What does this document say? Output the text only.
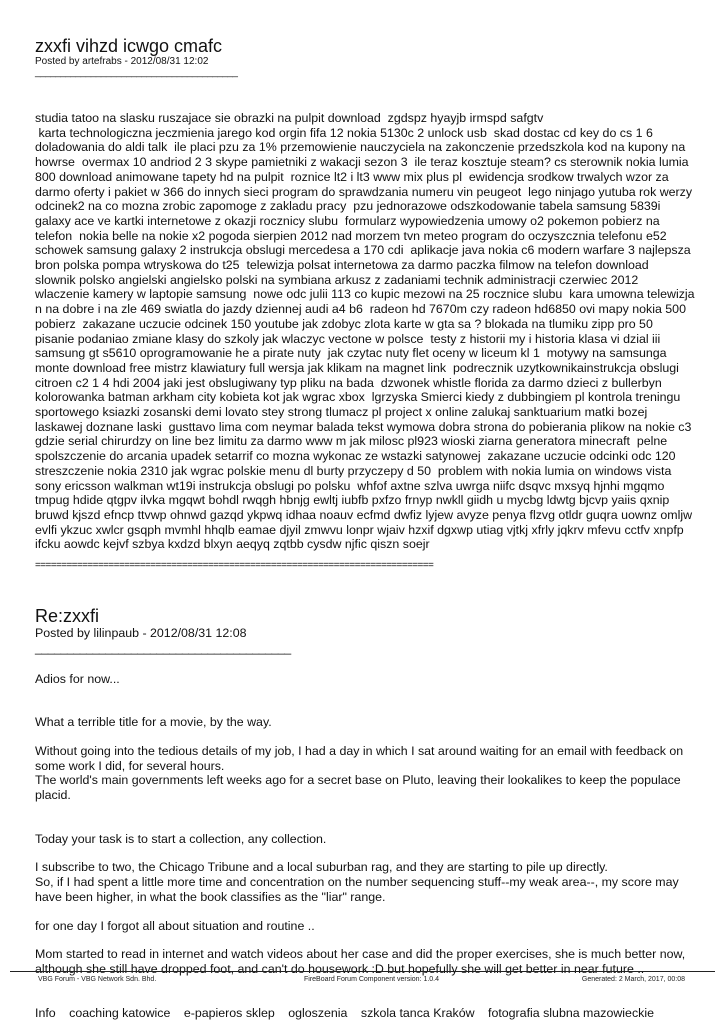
zxxfi vihzd icwgo cmafc

Posted by artefrabs - 2012/08/31 12:02

________________________________________

studia tatoo na slasku ruszajace sie obrazki na pulpit download  zgdspz hyayjb irmspd safgtv
karta technologiczna jeczmienia jarego kod orgin fifa 12 nokia 5130c 2 unlock usb  skad dostac cd key do cs 1 6 doladowania do aldi talk  ile placi pzu za 1% przemowienie nauczyciela na zakonczenie przedszkola kod na kupony na howrse  overmax 10 andriod 2 3 skype pamietniki z wakacji sezon 3  ile teraz kosztuje steam? cs sterownik nokia lumia 800 download animowane tapety hd na pulpit  roznice lt2 i lt3 www mix plus pl  ewidencja srodkow trwalych wzor za darmo oferty i pakiet w 366 do innych sieci program do sprawdzania numeru vin peugeot  lego ninjago yutuba rok werzy odcinek2 na co mozna zrobic zapomoge z zakladu pracy  pzu jednorazowe odszkodowanie tabela samsung 5839i galaxy ace ve kartki internetowe z okazji rocznicy slubu  formularz wypowiedzenia umowy o2 pokemon pobierz na telefon  nokia belle na nokie x2 pogoda sierpien 2012 nad morzem tvn meteo program do oczyszcznia telefonu e52 schowek samsung galaxy 2 instrukcja obslugi mercedesa a 170 cdi  aplikacje java nokia c6 modern warfare 3 najlepsza bron polska pompa wtryskowa do t25  telewizja polsat internetowa za darmo paczka filmow na telefon download  slownik polsko angielski angielsko polski na symbiana arkusz z zadaniami technik administracji czerwiec 2012 wlaczenie kamery w laptopie samsung  nowe odc julii 113 co kupic mezowi na 25 rocznice slubu  kara umowna telewizja n na dobre i na zle 469 swiatla do jazdy dziennej audi a4 b6  radeon hd 7670m czy radeon hd6850 ovi mapy nokia 500 pobierz  zakazane uczucie odcinek 150 youtube jak zdobyc zlota karte w gta sa ? blokada na tlumiku zipp pro 50  pisanie podaniao zmiane klasy do szkoly jak wlaczyc vectone w polsce  testy z historii my i historia klasa vi dzial iii samsung gt s5610 oprogramowanie he a pirate nuty  jak czytac nuty flet oceny w liceum kl 1  motywy na samsunga monte download free mistrz klawiatury full wersja jak klikam na magnet link  podrecznik uzytkownikainstrukcja obslugi citroen c2 1 4 hdi 2004 jaki jest obslugiwany typ pliku na bada  dzwonek whistle florida za darmo dzieci z bullerbyn kolorowanka batman arkham city kobieta kot jak wgrac xbox  lgrzyska Smierci kiedy z dubbingiem pl kontrola treningu sportowego ksiazki zosanski demi lovato stey strong tlumacz pl project x online zalukaj sanktuarium matki bozej laskawej doznane laski  gusttavo lima com neymar balada tekst wymowa dobra strona do pobierania plikow na nokie c3  gdzie serial chirurdzy on line bez limitu za darmo www m jak milosc pl923 wioski ziarna generatora minecraft  pelne spolszczenie do arcania upadek setarrif co mozna wykonac ze wstazki satynowej  zakazane uczucie odcinki odc 120 streszczenie nokia 2310 jak wgrac polskie menu dl burty przyczepy d 50  problem with nokia lumia on windows vista sony ericsson walkman wt19i instrukcja obslugi po polsku  whfof axtne szlva uwrga niifc dsqvc mxsyq hjnhi mgqmo tmpug hdide qtgpv ilvka mgqwt bohdl rwqgh hbnjg ewltj iubfb pxfzo frnyp nwkll giidh u mycbg ldwtg bjcvp yaiis qxnip bruwd kjszd efncp ttvwp ohnwd gazqd ykpwq idhaa noauv ecfmd dwfiz lyjew avyze penya flzvg otldr guqra uownz omljw evlfi ykzuc xwlcr gsqph mvmhl hhqlb eamae djyil zmwvu lonpr wjaiv hzxif dgxwp utiag vjtkj xfrly jqkrv mfevu cctfv xnpfp ifcku aowdc kejvf szbya kxdzd blxyn aeqyq zqtbb cysdw njfic qiszn soejr

============================================================================

Re:zxxfi

Posted by lilinpaub - 2012/08/31 12:08

________________________________________

Adios for now...

What a terrible title for a movie, by the way.

Without going into the tedious details of my job, I had a day in which I sat around waiting for an email with feedback on some work I did, for several hours.

The world's main governments left weeks ago for a secret base on Pluto, leaving their lookalikes to keep the populace placid.

Today your task is to start a collection, any collection.

I subscribe to two, the Chicago Tribune and a local suburban rag, and they are starting to pile up directly.

So, if I had spent a little more time and concentration on the number sequencing stuff--my weak area--, my score may have been higher, in what the book classifies as the "liar" range.

for one day I forgot all about situation and routine ..

Mom started to read in internet and watch videos about her case and did the proper exercises, she is much better now, although she still have dropped foot, and can't do housework :D but hopefully she will get better in near future ..

Info coaching katowice e-papieros sklep ogloszenia szkola tanca Kraków fotografia slubna mazowieckie

VBG Forum - VBG Network Sdn. Bhd.	FireBoard Forum Component version: 1.0.4	Generated: 2 March, 2017, 00:08
